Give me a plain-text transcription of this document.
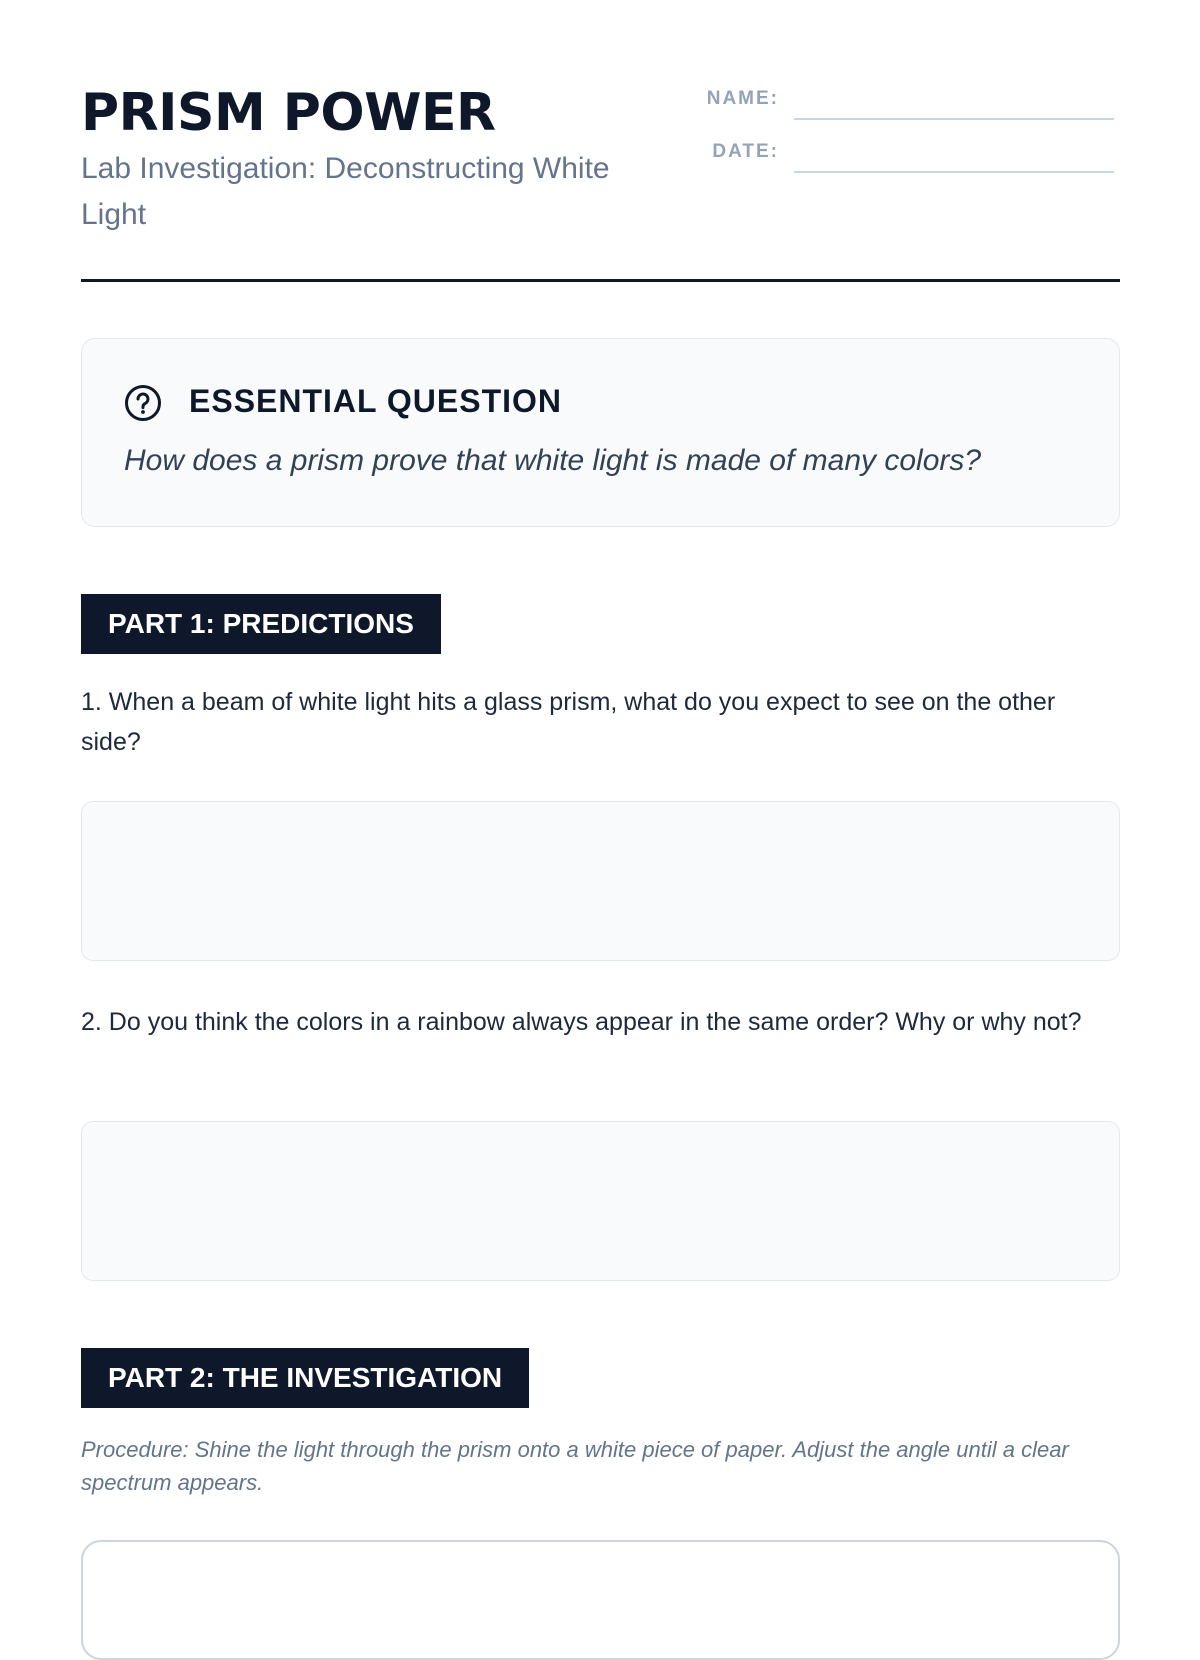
PRISM POWER
Lab Investigation: Deconstructing White Light
NAME:
DATE:
ESSENTIAL QUESTION
How does a prism prove that white light is made of many colors?
PART 1: PREDICTIONS
1. When a beam of white light hits a glass prism, what do you expect to see on the other side?
2. Do you think the colors in a rainbow always appear in the same order? Why or why not?
PART 2: THE INVESTIGATION
Procedure: Shine the light through the prism onto a white piece of paper. Adjust the angle until a clear spectrum appears.
